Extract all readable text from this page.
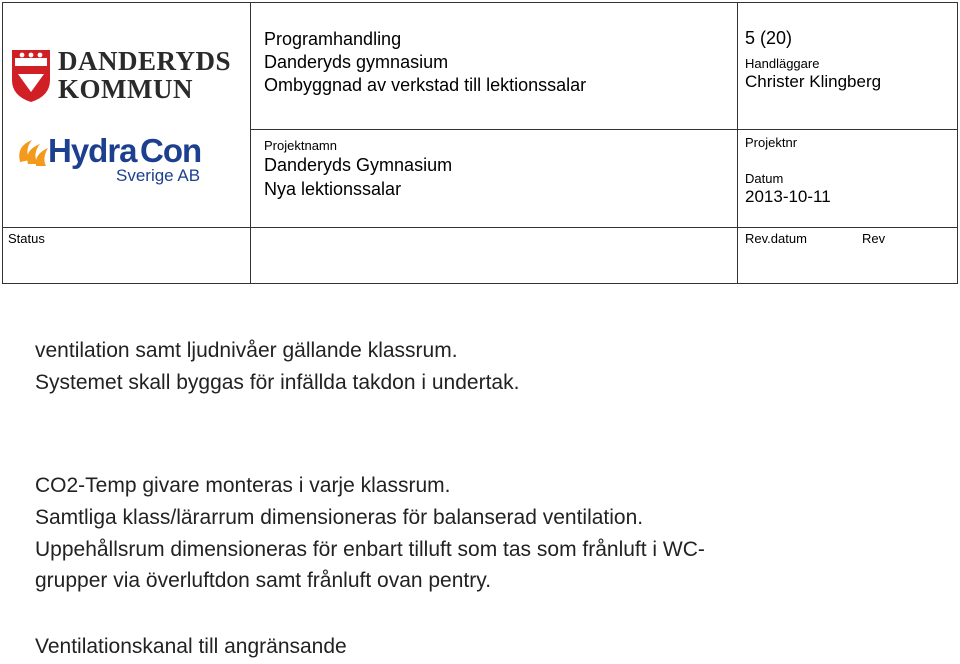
DANDERYDS
KOMMUN
Hydra Con
Sverige AB
Programhandling
Danderyds gymnasium
Ombyggnad av verkstad till lektionssalar
5 (20)
Handläggare
Christer Klingberg
Projektnamn
Danderyds Gymnasium
Nya lektionssalar
Projektnr
Datum
2013-10-11
Status	Rev.datum	Rev
ventilation samt ljudnivåer gällande klassrum.
Systemet skall byggas för infällda takdon i undertak.
CO2-Temp givare monteras i varje klassrum.
Samtliga klass/lärarrum dimensioneras för balanserad ventilation.
Uppehållsrum dimensioneras för enbart tilluft som tas som frånluft i WC-
grupper via överluftdon samt frånluft ovan pentry.
Ventilationskanal till angränsande
